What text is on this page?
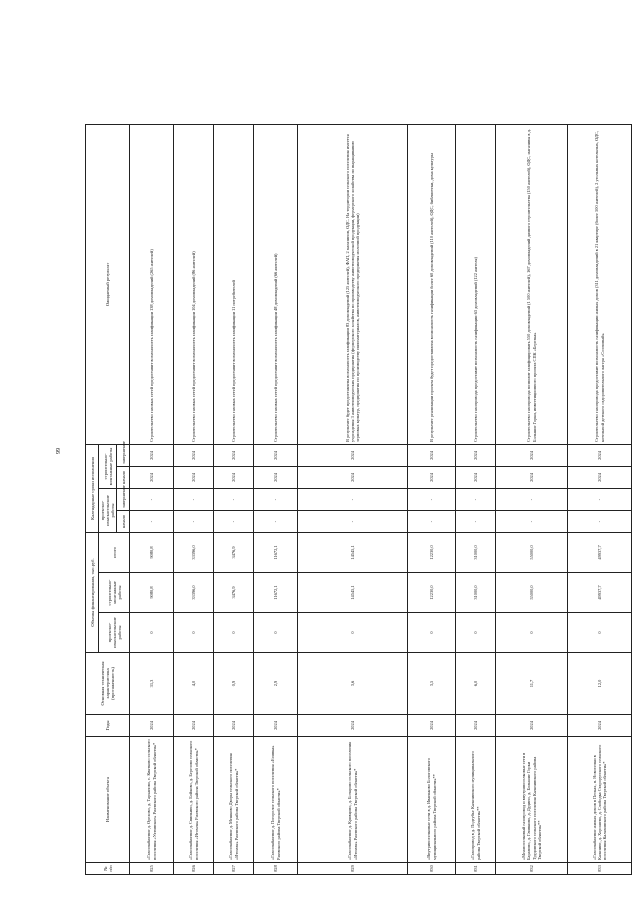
99
№ п/п	Наименование объекта	Годы	Основная техническая характеристика (протяженность)	Объемы финансирования, тыс.руб.			Календарные сроки исполнения				Ожидаемый результат
				проектно-изыскательские работы	строительно-монтажные работы	итого	проектно-изыскательские работы		строительно-монтажные работы		
							начало	завершение	начало	завершение	
825	«Газоснабжение д. Орехово, д. Тарханово, с. Квятково сельского поселения «Ухтинское» Ржевского района Тверской области»*	2024	31,3	0	9080,8	9080,8	-	-	2024	2024	Строительство газовых сетей предоставит возможность газификации 138 домовладений (265 жителей)
826	«Газоснабжение д. Свиньино, д. Бойково, д. Березово сельского поселения «Итомля» Ржевского района Тверской области»*	2024	4,0	0	33396,0	33396,0	-	-	2024	2024	Строительство газовых сетей предоставит возможность газификации 104 домовладений (86 жителей)
827	«Газоснабжение д. Мешково Дворы сельского поселения «Итомля» Ржевского района Тверской области»*	2024	0,9	0	3476,9	3476,9	-	-	2024	2024	Строительство газовых сетей предоставит возможность газификации 11 потребителей
828	«Газоснабжение д. Погорелое сельского поселения «Есинка» Ржевского района Тверской области»*	2024	2,9	0	11672,1	11672,1	-	-	2024	2024	Строительство газовых сетей предоставит возможность газификации 48 домовладений (66 жителей)
829	«Газоснабжение д. Кривцово, д. Бочарово сельского поселения «Итомля» Ржевского района Тверской области»*	2024	3,6	0	14545,1	14545,1	-	-	2024	2024	В результате будет предоставлена возможность газификации 83 домовладений (125 жителей), ФАП, 2 магазинов, ОДС. На территории сельского поселения имеется учреждения 3 животноводческих предприятия (фермерского хозяйства по производству животноводческой продукции, фермерского хозяйства по выращиванию зерновых культур, предприятия по производству пиломатериалов, животноводческого предприятия молочной продукции)
830	«Внутрипоселковые сети в д. Иваньково Бологовского муниципального района Тверской области»**	2024	3,5	0	12230,0	12230,0	-	-	2024	2024	В результате реализации проекта будет предоставлена возможность газификации более 60 домовладений (110 жителей), ОДС, библиотеки, дома культуры
831	«Газопровод в д. Подгубье Калязинского муниципального района Тверской области»**	2024	6,0	0	31000,0	31000,0	-	-	2024	2024	Строительство газопровода предоставит возможность газификации 63 домовладений (122 жителя)
832	«Межпоселковый газопровод и внутрипоселковые сети в Бараново, д. Глинкино, д. Дудино, д. Большие Горки Трудовского сельского поселения Калязинского района Тверской области»**	2024	11,7	0	55000,0	55000,0	-	-	2024	2024	Строительство газопровода позволит газифицировать 550 домовладений (1 500 жителей), 167 домовладений дачного строительства (150 жителей), ОДС, магазины в д. Большие Горки, инвестиционного проекта СПК «Березка»
833	«Газоснабжение жилых домов в Песках, п. Новоселки в Калязине, д. Хорошево, д. Слободка Старорусского сельского поселения Калязинского района Тверской области»*	2024	12,0	0	49937,7	49937,7	-	-	2024	2024	Строительство газопровода предоставит возможность газификации жилых домов (311 домовладений в 21 квартире (более 500 жителей), 2 угольных котельных, ОДС, котельной детского оздоровительного лагеря «Сосновый»
